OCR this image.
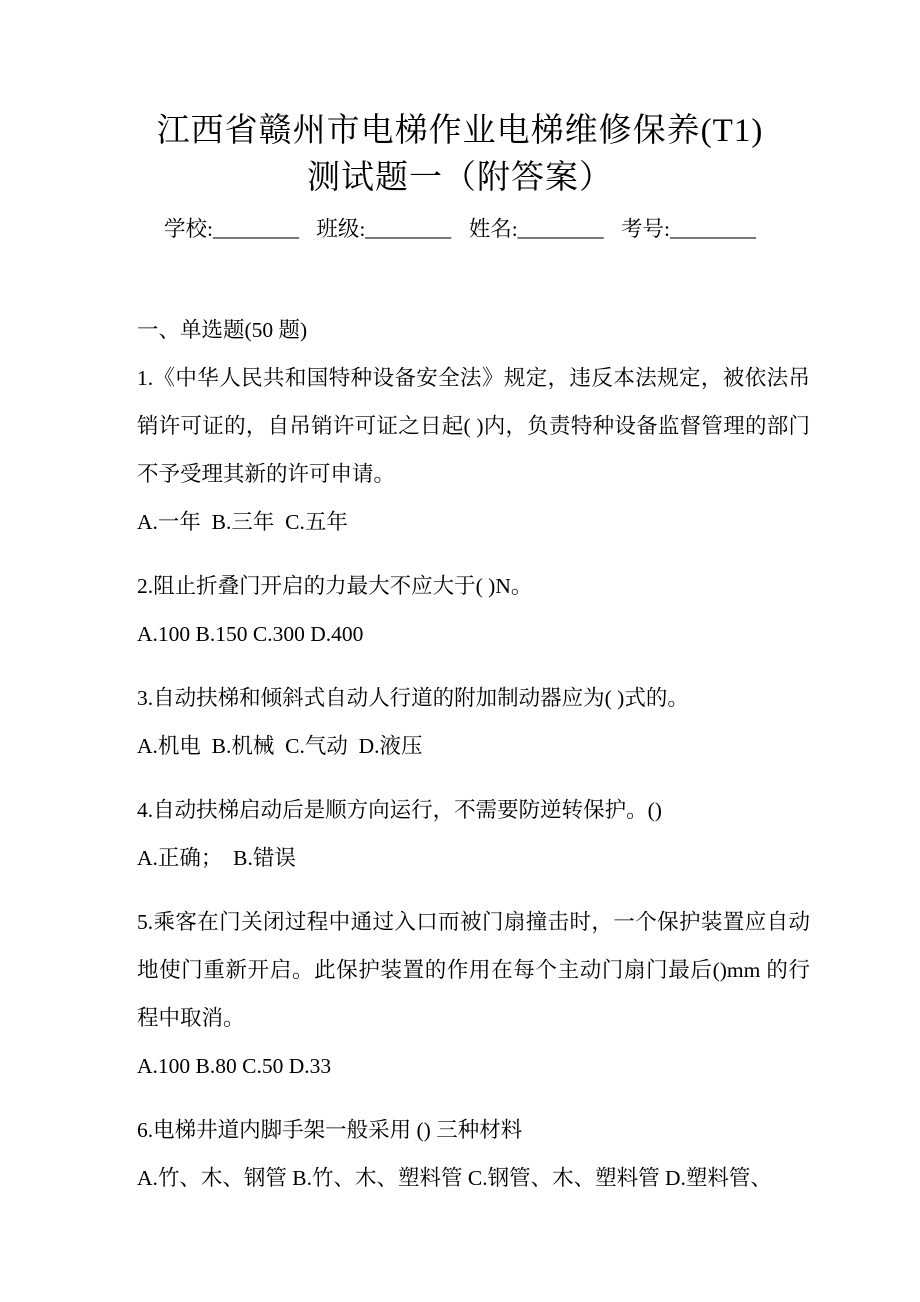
江西省赣州市电梯作业电梯维修保养(T1)
测试题一（附答案）
学校:________ 班级:________ 姓名:________ 考号:________
一、单选题(50 题)

1.《中华人民共和国特种设备安全法》规定，违反本法规定，被依法吊销许可证的，自吊销许可证之日起( )内，负责特种设备监督管理的部门不予受理其新的许可申请。

A.一年  B.三年  C.五年

2.阻止折叠门开启的力最大不应大于( )N。

A.100 B.150 C.300 D.400

3.自动扶梯和倾斜式自动人行道的附加制动器应为( )式的。

A.机电  B.机械  C.气动  D.液压

4.自动扶梯启动后是顺方向运行，不需要防逆转保护。()

A.正确；  B.错误

5.乘客在门关闭过程中通过入口而被门扇撞击时，一个保护装置应自动地使门重新开启。此保护装置的作用在每个主动门扇门最后()mm 的行程中取消。

A.100 B.80 C.50 D.33

6.电梯井道内脚手架一般采用 () 三种材料

A.竹、木、钢管 B.竹、木、塑料管 C.钢管、木、塑料管 D.塑料管、
